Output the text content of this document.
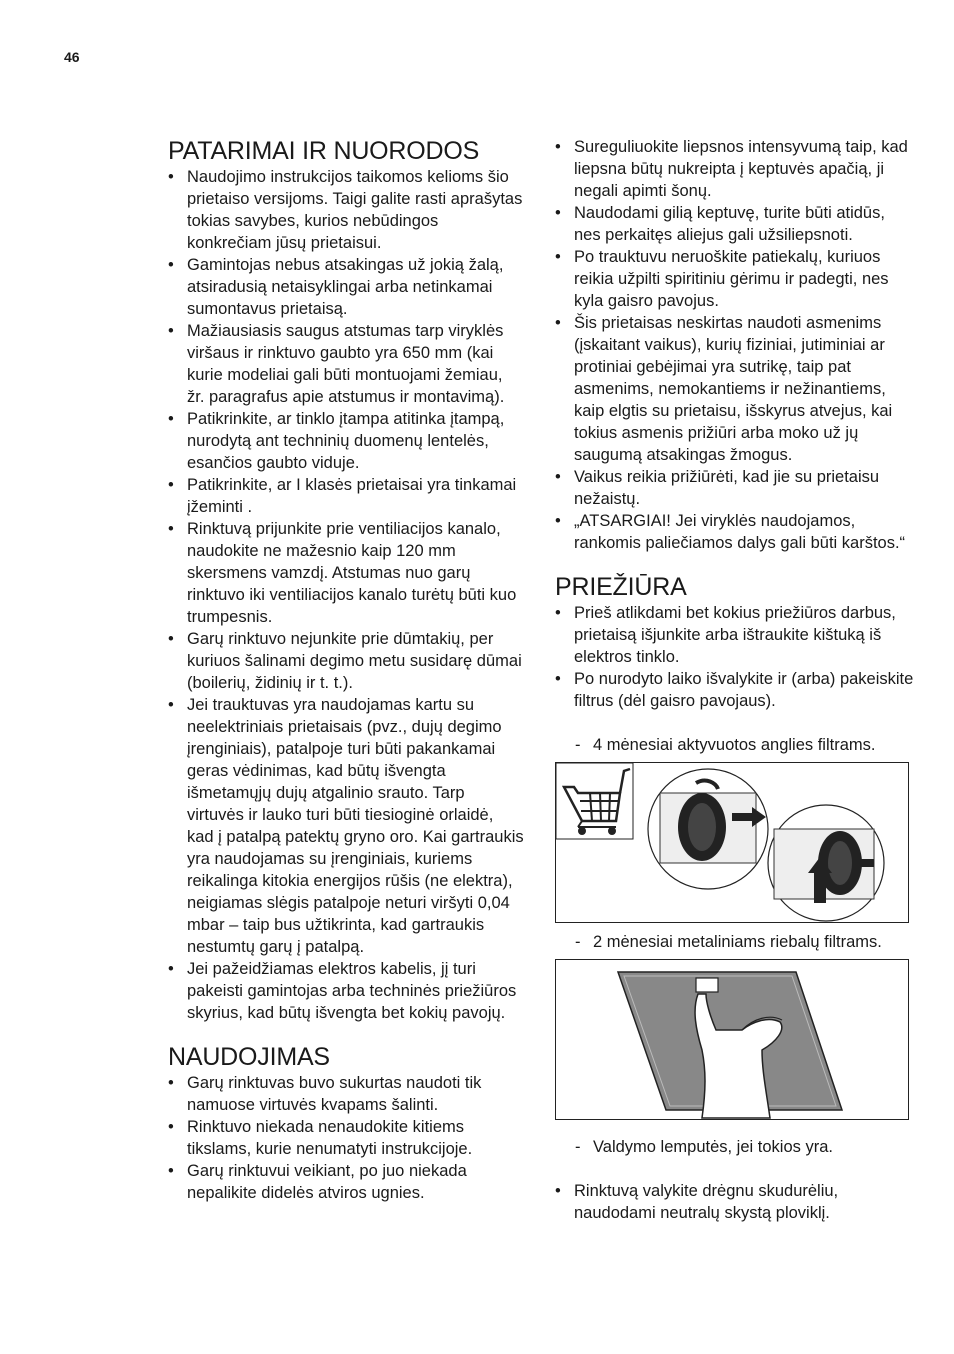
46
PATARIMAI IR NUORODOS
• Naudojimo instrukcijos taikomos kelioms šio prietaiso versijoms. Taigi galite rasti aprašytas tokias savybes, kurios nebūdingos konkrečiam jūsų prietaisui.
• Gamintojas nebus atsakingas už jokią žalą, atsiradusią netaisyklingai arba netinkamai sumontavus prietaisą.
• Mažiausiasis saugus atstumas tarp viryklės viršaus ir rinktuvo gaubto yra 650 mm (kai kurie modeliai gali būti montuojami žemiau, žr. paragrafus apie atstumus ir montavimą).
• Patikrinkite, ar tinklo įtampa atitinka įtampą, nurodytą ant techninių duomenų lentelės, esančios gaubto viduje.
• Patikrinkite, ar I klasės prietaisai yra tinkamai įžeminti .
• Rinktuvą prijunkite prie ventiliacijos kanalo, naudokite ne mažesnio kaip 120 mm skersmens vamzdį. Atstumas nuo garų rinktuvo iki ventiliacijos kanalo turėtų būti kuo trumpesnis.
• Garų rinktuvo nejunkite prie dūmtakių, per kuriuos šalinami degimo metu susidarę dūmai (boilerių, židinių ir t. t.).
• Jei trauktuvas yra naudojamas kartu su neelektriniais prietaisais (pvz., dujų degimo įrenginiais), patalpoje turi būti pakankamai geras vėdinimas, kad būtų išvengta išmetamųjų dujų atgalinio srauto. Tarp virtuvės ir lauko turi būti tiesioginė orlaidė, kad į patalpą patektų gryno oro. Kai gartraukis yra naudojamas su įrenginiais, kuriems reikalinga kitokia energijos rūšis (ne elektra), neigiamas slėgis patalpoje neturi viršyti 0,04 mbar – taip bus užtikrinta, kad gartraukis nestumtų garų į patalpą.
• Jei pažeidžiamas elektros kabelis, jį turi pakeisti gamintojas arba techninės priežiūros skyrius, kad būtų išvengta bet kokių pavojų.
NAUDOJIMAS
• Garų rinktuvas buvo sukurtas naudoti tik namuose virtuvės kvapams šalinti.
• Rinktuvo niekada nenaudokite kitiems tikslams, kurie nenumatyti instrukcijoje.
• Garų rinktuvui veikiant, po juo niekada nepalikite didelės atviros ugnies.
• Sureguliuokite liepsnos intensyvumą taip, kad liepsna būtų nukreipta į keptuvės apačią, ji negali apimti šonų.
• Naudodami gilią keptuvę, turite būti atidūs, nes perkaitęs aliejus gali užsiliepsnoti.
• Po trauktuvu neruoškite patiekalų, kuriuos reikia užpilti spiritiniu gėrimu ir padegti, nes kyla gaisro pavojus.
• Šis prietaisas neskirtas naudoti asmenims (įskaitant vaikus), kurių fiziniai, jutiminiai ar protiniai gebėjimai yra sutrikę, taip pat asmenims, nemokantiems ir nežinantiems, kaip elgtis su prietaisu, išskyrus atvejus, kai tokius asmenis prižiūri arba moko už jų saugumą atsakingas žmogus.
• Vaikus reikia prižiūrėti, kad jie su prietaisu nežaistų.
• „ATSARGIAI! Jei viryklės naudojamos, rankomis paliečiamos dalys gali būti karštos.“
PRIEŽIŪRA
• Prieš atlikdami bet kokius priežiūros darbus, prietaisą išjunkite arba ištraukite kištuką iš elektros tinklo.
• Po nurodyto laiko išvalykite ir (arba) pakeiskite filtrus (dėl gaisro pavojaus).
- 4 mėnesiai aktyvuotos anglies filtrams.
- 2 mėnesiai metaliniams riebalų filtrams.
- Valdymo lemputės, jei tokios yra.
• Rinktuvą valykite drėgnu skudurėliu, naudodami neutralų skystą ploviklį.
